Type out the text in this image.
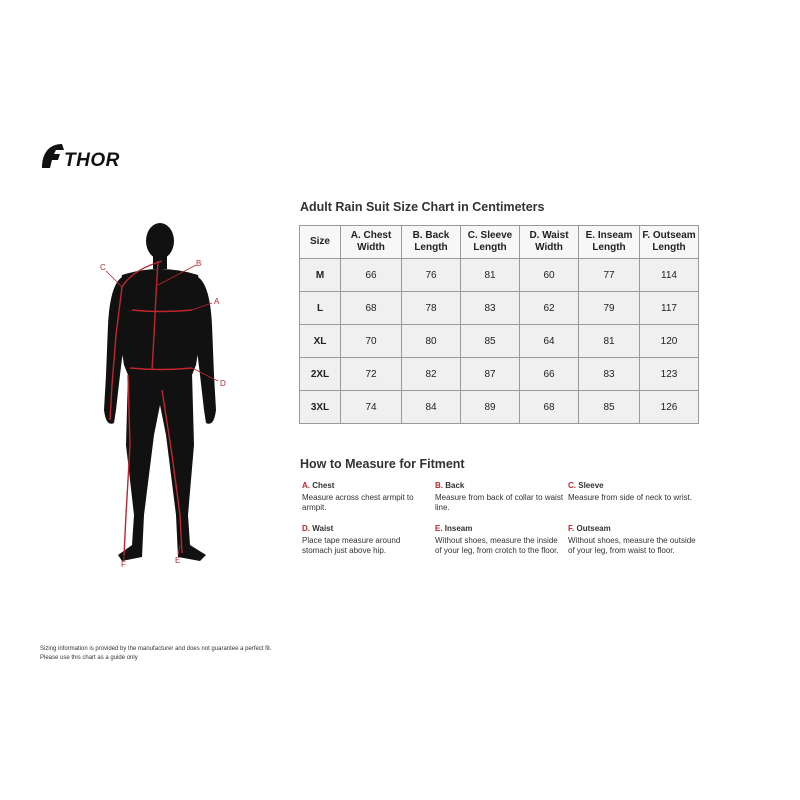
THOR
A
B
C
D
E
F
Adult Rain Suit Size Chart in Centimeters
Size	A. Chest Width	B. Back Length	C. Sleeve Length	D. Waist Width	E. Inseam Length	F. Outseam Length
M	66	76	81	60	77	114
L	68	78	83	62	79	117
XL	70	80	85	64	81	120
2XL	72	82	87	66	83	123
3XL	74	84	89	68	85	126
How to Measure for Fitment
A. Chest
Measure across chest armpit to armpit.
B. Back
Measure from back of collar to waist line.
C. Sleeve
Measure from side of neck to wrist.
D. Waist
Place tape measure around stomach just above hip.
E. Inseam
Without shoes, measure the inside of your leg, from crotch to the floor.
F. Outseam
Without shoes, measure the outside of your leg, from waist to floor.
Sizing information is provided by the manufacturer and does not guarantee a perfect fit.
Please use this chart as a guide only
